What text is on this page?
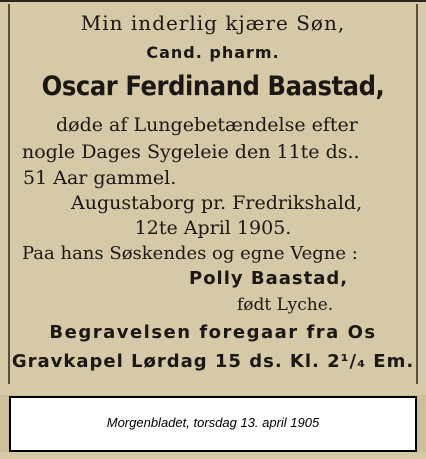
Min inderlig kjære Søn,
Cand. pharm.
Oscar Ferdinand Baastad,
døde af Lungebetændelse efter
nogle Dages Sygeleie den 11te ds..
51 Aar gammel.
Augustaborg pr. Fredrikshald,
12te April 1905.
Paa hans Søskendes og egne Vegne :
Polly Baastad,
født Lyche.
Begravelsen foregaar fra Os
Gravkapel Lørdag 15 ds. Kl. 2¹/₄ Em.
Morgenbladet, torsdag 13. april 1905
